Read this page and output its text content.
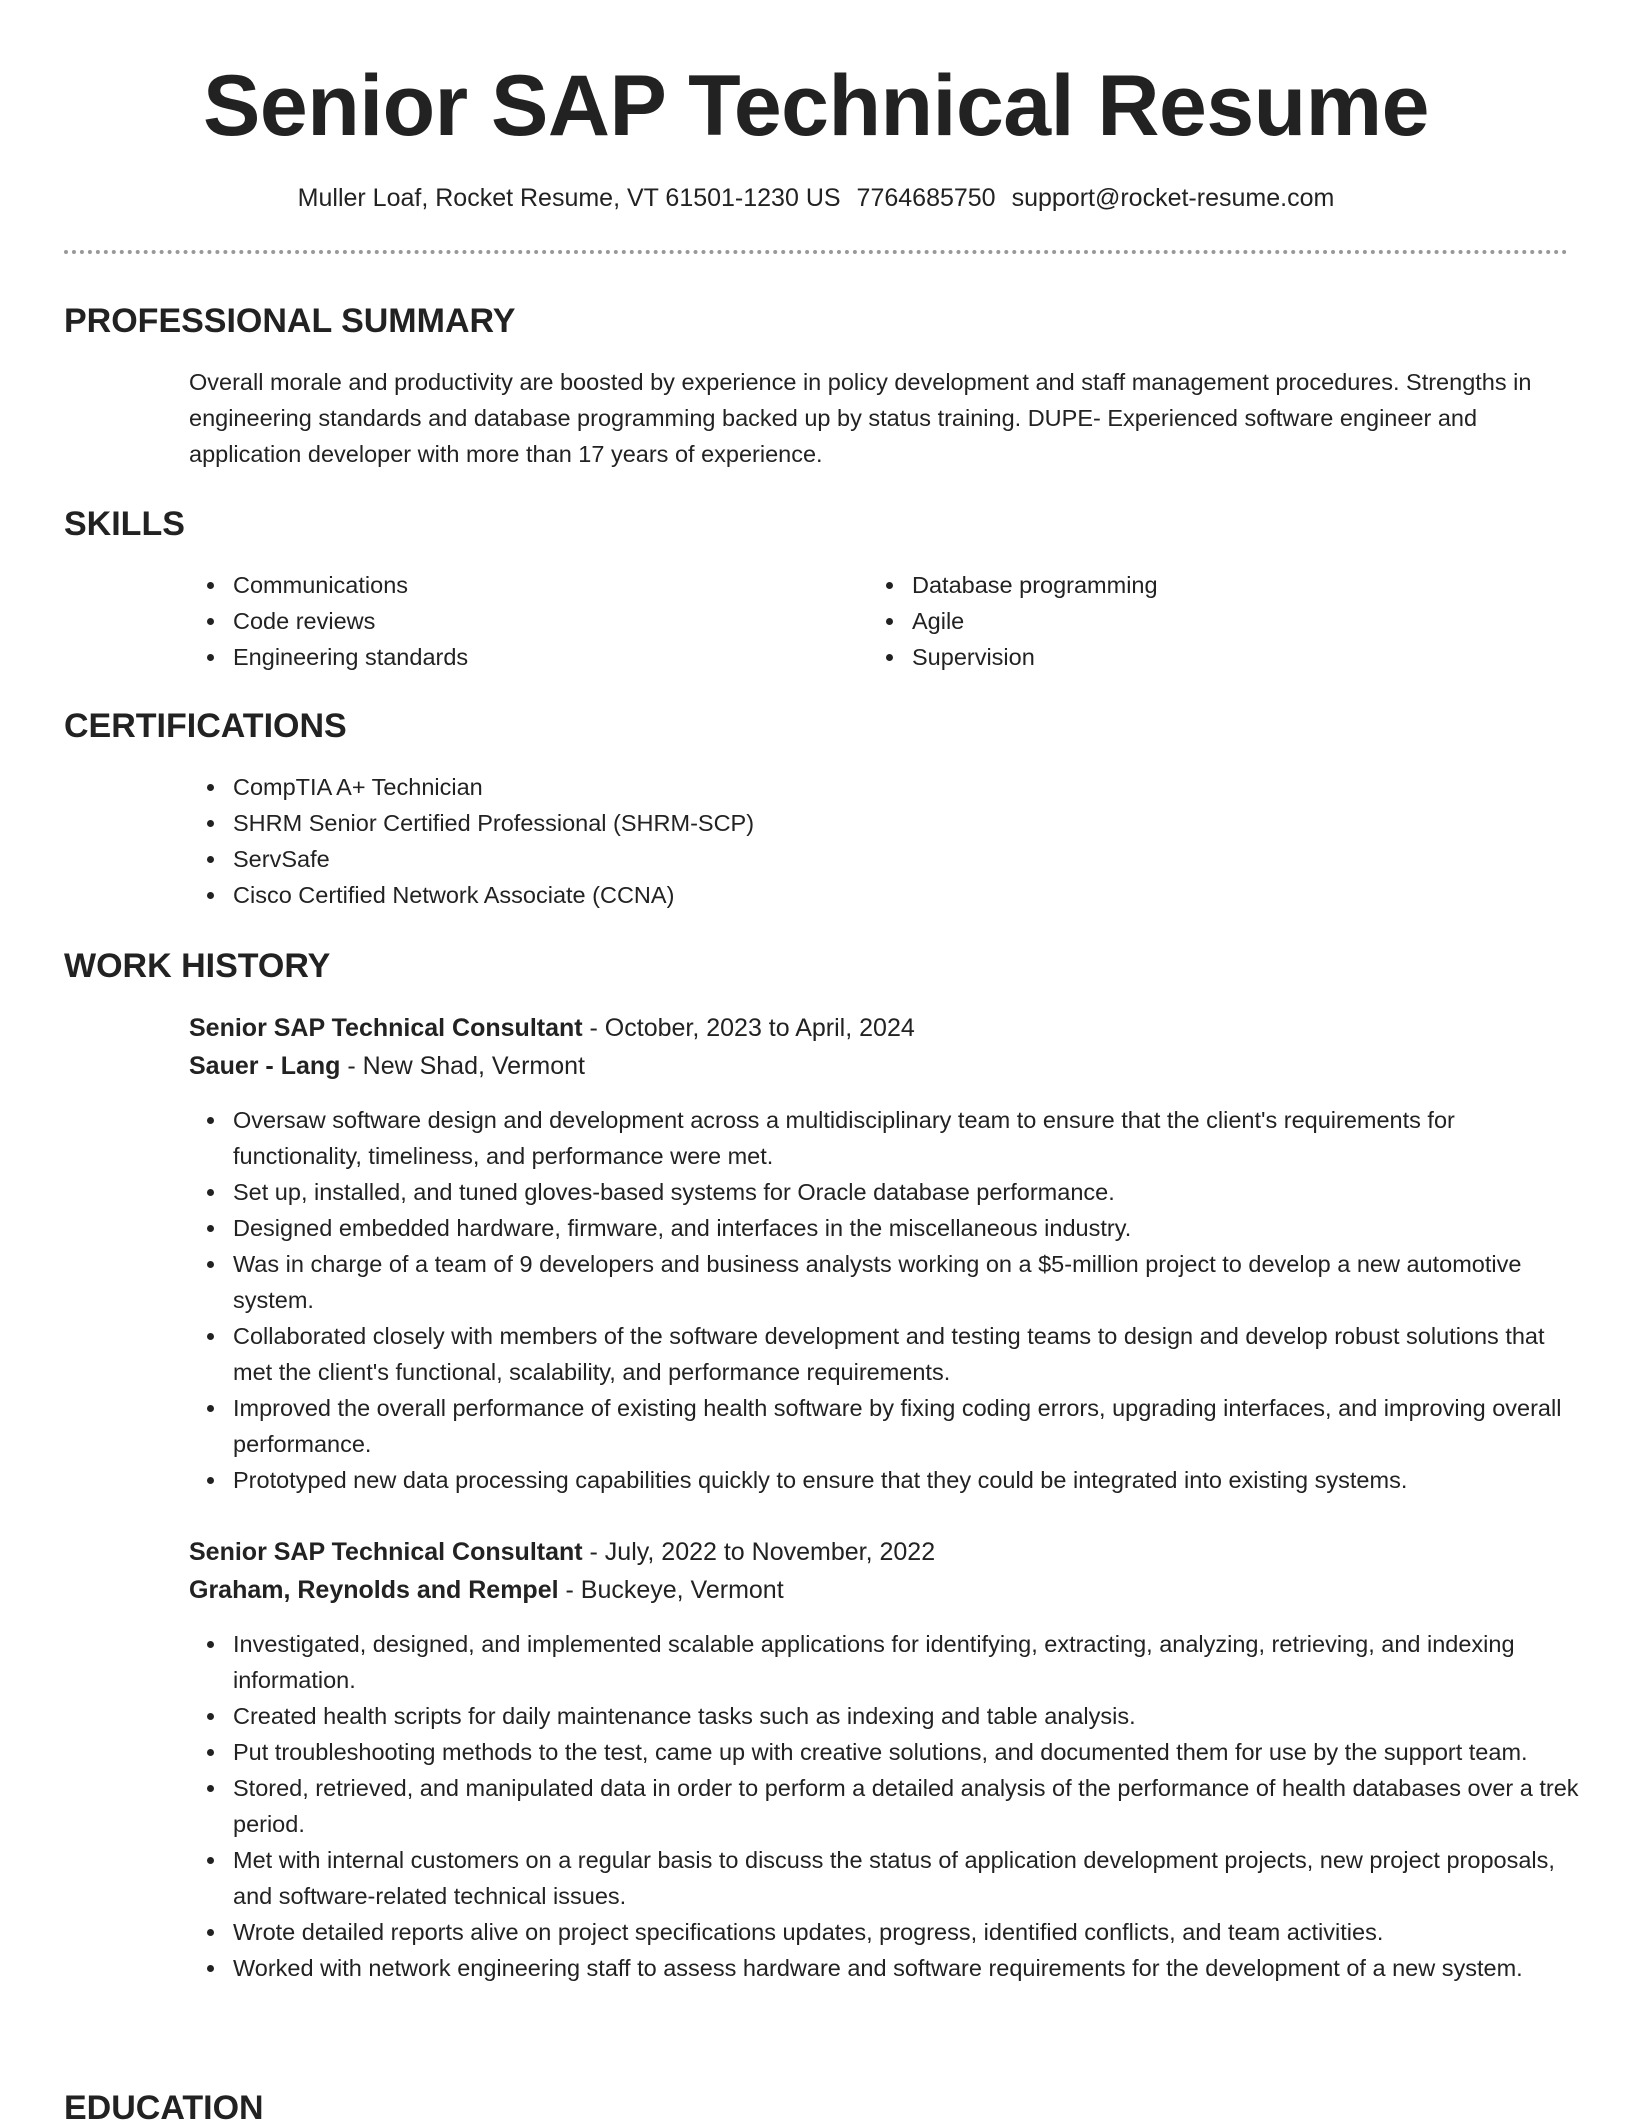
Senior SAP Technical Resume
Muller Loaf, Rocket Resume, VT 61501-1230 US 7764685750 support@rocket-resume.com
PROFESSIONAL SUMMARY

Overall morale and productivity are boosted by experience in policy development and staff management procedures. Strengths in engineering standards and database programming backed up by status training. DUPE- Experienced software engineer and application developer with more than 17 years of experience.

SKILLS
Communications
Code reviews
Engineering standards
Database programming
Agile
Supervision
CERTIFICATIONS
CompTIA A+ Technician
SHRM Senior Certified Professional (SHRM-SCP)
ServSafe
Cisco Certified Network Associate (CCNA)
WORK HISTORY
Senior SAP Technical Consultant - October, 2023 to April, 2024
Sauer - Lang - New Shad, Vermont
Oversaw software design and development across a multidisciplinary team to ensure that the client's requirements for functionality, timeliness, and performance were met.
Set up, installed, and tuned gloves-based systems for Oracle database performance.
Designed embedded hardware, firmware, and interfaces in the miscellaneous industry.
Was in charge of a team of 9 developers and business analysts working on a $5-million project to develop a new automotive system.
Collaborated closely with members of the software development and testing teams to design and develop robust solutions that met the client's functional, scalability, and performance requirements.
Improved the overall performance of existing health software by fixing coding errors, upgrading interfaces, and improving overall performance.
Prototyped new data processing capabilities quickly to ensure that they could be integrated into existing systems.
Senior SAP Technical Consultant - July, 2022 to November, 2022
Graham, Reynolds and Rempel - Buckeye, Vermont
Investigated, designed, and implemented scalable applications for identifying, extracting, analyzing, retrieving, and indexing information.
Created health scripts for daily maintenance tasks such as indexing and table analysis.
Put troubleshooting methods to the test, came up with creative solutions, and documented them for use by the support team.
Stored, retrieved, and manipulated data in order to perform a detailed analysis of the performance of health databases over a trek period.
Met with internal customers on a regular basis to discuss the status of application development projects, new project proposals, and software-related technical issues.
Wrote detailed reports alive on project specifications updates, progress, identified conflicts, and team activities.
Worked with network engineering staff to assess hardware and software requirements for the development of a new system.
EDUCATION
